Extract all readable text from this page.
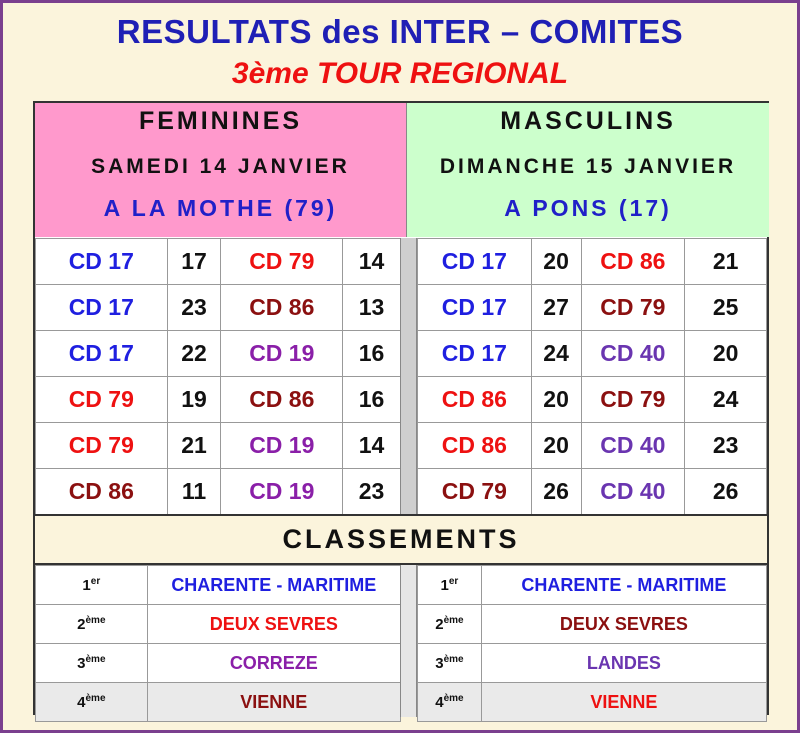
RESULTATS des INTER – COMITES
3ème TOUR REGIONAL
FEMININES
SAMEDI 14 JANVIER
A LA MOTHE (79)
MASCULINS
DIMANCHE 15 JANVIER
A PONS (17)
CD 17	17	CD 79	14
CD 17	23	CD 86	13
CD 17	22	CD 19	16
CD 79	19	CD 86	16
CD 79	21	CD 19	14
CD 86	11	CD 19	23
CD 17	20	CD 86	21
CD 17	27	CD 79	25
CD 17	24	CD 40	20
CD 86	20	CD 79	24
CD 86	20	CD 40	23
CD 79	26	CD 40	26
CLASSEMENTS
1er	CHARENTE - MARITIME
2ème	DEUX SEVRES
3ème	CORREZE
4ème	VIENNE
1er	CHARENTE - MARITIME
2ème	DEUX SEVRES
3ème	LANDES
4ème	VIENNE
